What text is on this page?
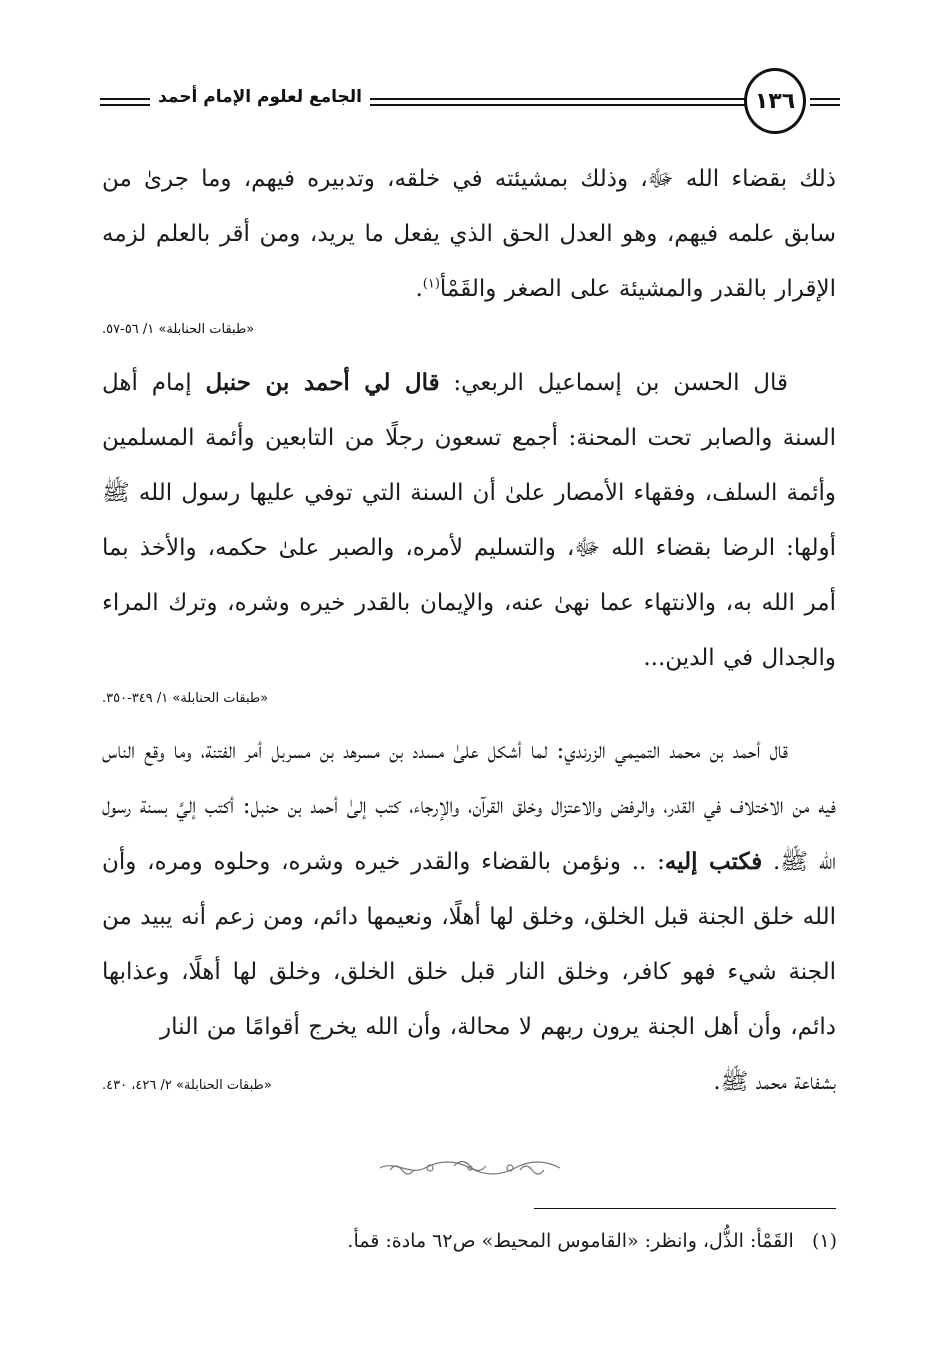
الجامع لعلوم الإمام أحمد	١٣٦

ذلك بقضاء الله ﷻ، وذلك بمشيئته في خلقه، وتدبيره فيهم، وما جرىٰ من سابق علمه فيهم، وهو العدل الحق الذي يفعل ما يريد، ومن أقر بالعلم لزمه الإقرار بالقدر والمشيئة على الصغر والقَمْأ$^{(١)}$.

«طبقات الحنابلة» ١/ ٥٦-٥٧.

قال الحسن بن إسماعيل الربعي: قال لي أحمد بن حنبل إمام أهل السنة والصابر تحت المحنة: أجمع تسعون رجلًا من التابعين وأئمة المسلمين وأئمة السلف، وفقهاء الأمصار علىٰ أن السنة التي توفي عليها رسول الله ﷺ أولها: الرضا بقضاء الله ﷻ، والتسليم لأمره، والصبر علىٰ حكمه، والأخذ بما أمر الله به، والانتهاء عما نهىٰ عنه، والإيمان بالقدر خيره وشره، وترك المراء والجدال في الدين...

«طبقات الحنابلة» ١/ ٣٤٩-٣٥٠.

قال أحمد بن محمد التميمي الزرندي: لما أشكل علىٰ مسدد بن مسرهد بن مسربل أمر الفتنة، وما وقع الناس فيه من الاختلاف في القدر، والرفض والاعتزال وخلق القرآن، والإرجاء، كتب إلىٰ أحمد بن حنبل: أكتب إليَّ بسنة رسول الله ﷺ. فكتب إليه: .. ونؤمن بالقضاء والقدر خيره وشره، وحلوه ومره، وأن الله خلق الجنة قبل الخلق، وخلق لها أهلًا، ونعيمها دائم، ومن زعم أنه يبيد من الجنة شيء فهو كافر، وخلق النار قبل خلق الخلق، وخلق لها أهلًا، وعذابها دائم، وأن أهل الجنة يرون ربهم لا محالة، وأن الله يخرج أقوامًا من النار

بشفاعة محمد ﷺ.
«طبقات الحنابلة» ٢/ ٤٢٦، ٤٣٠.
(١)   القَمْأ: الذُّل، وانظر: «القاموس المحيط» ص٦٢ مادة: قمأ.
